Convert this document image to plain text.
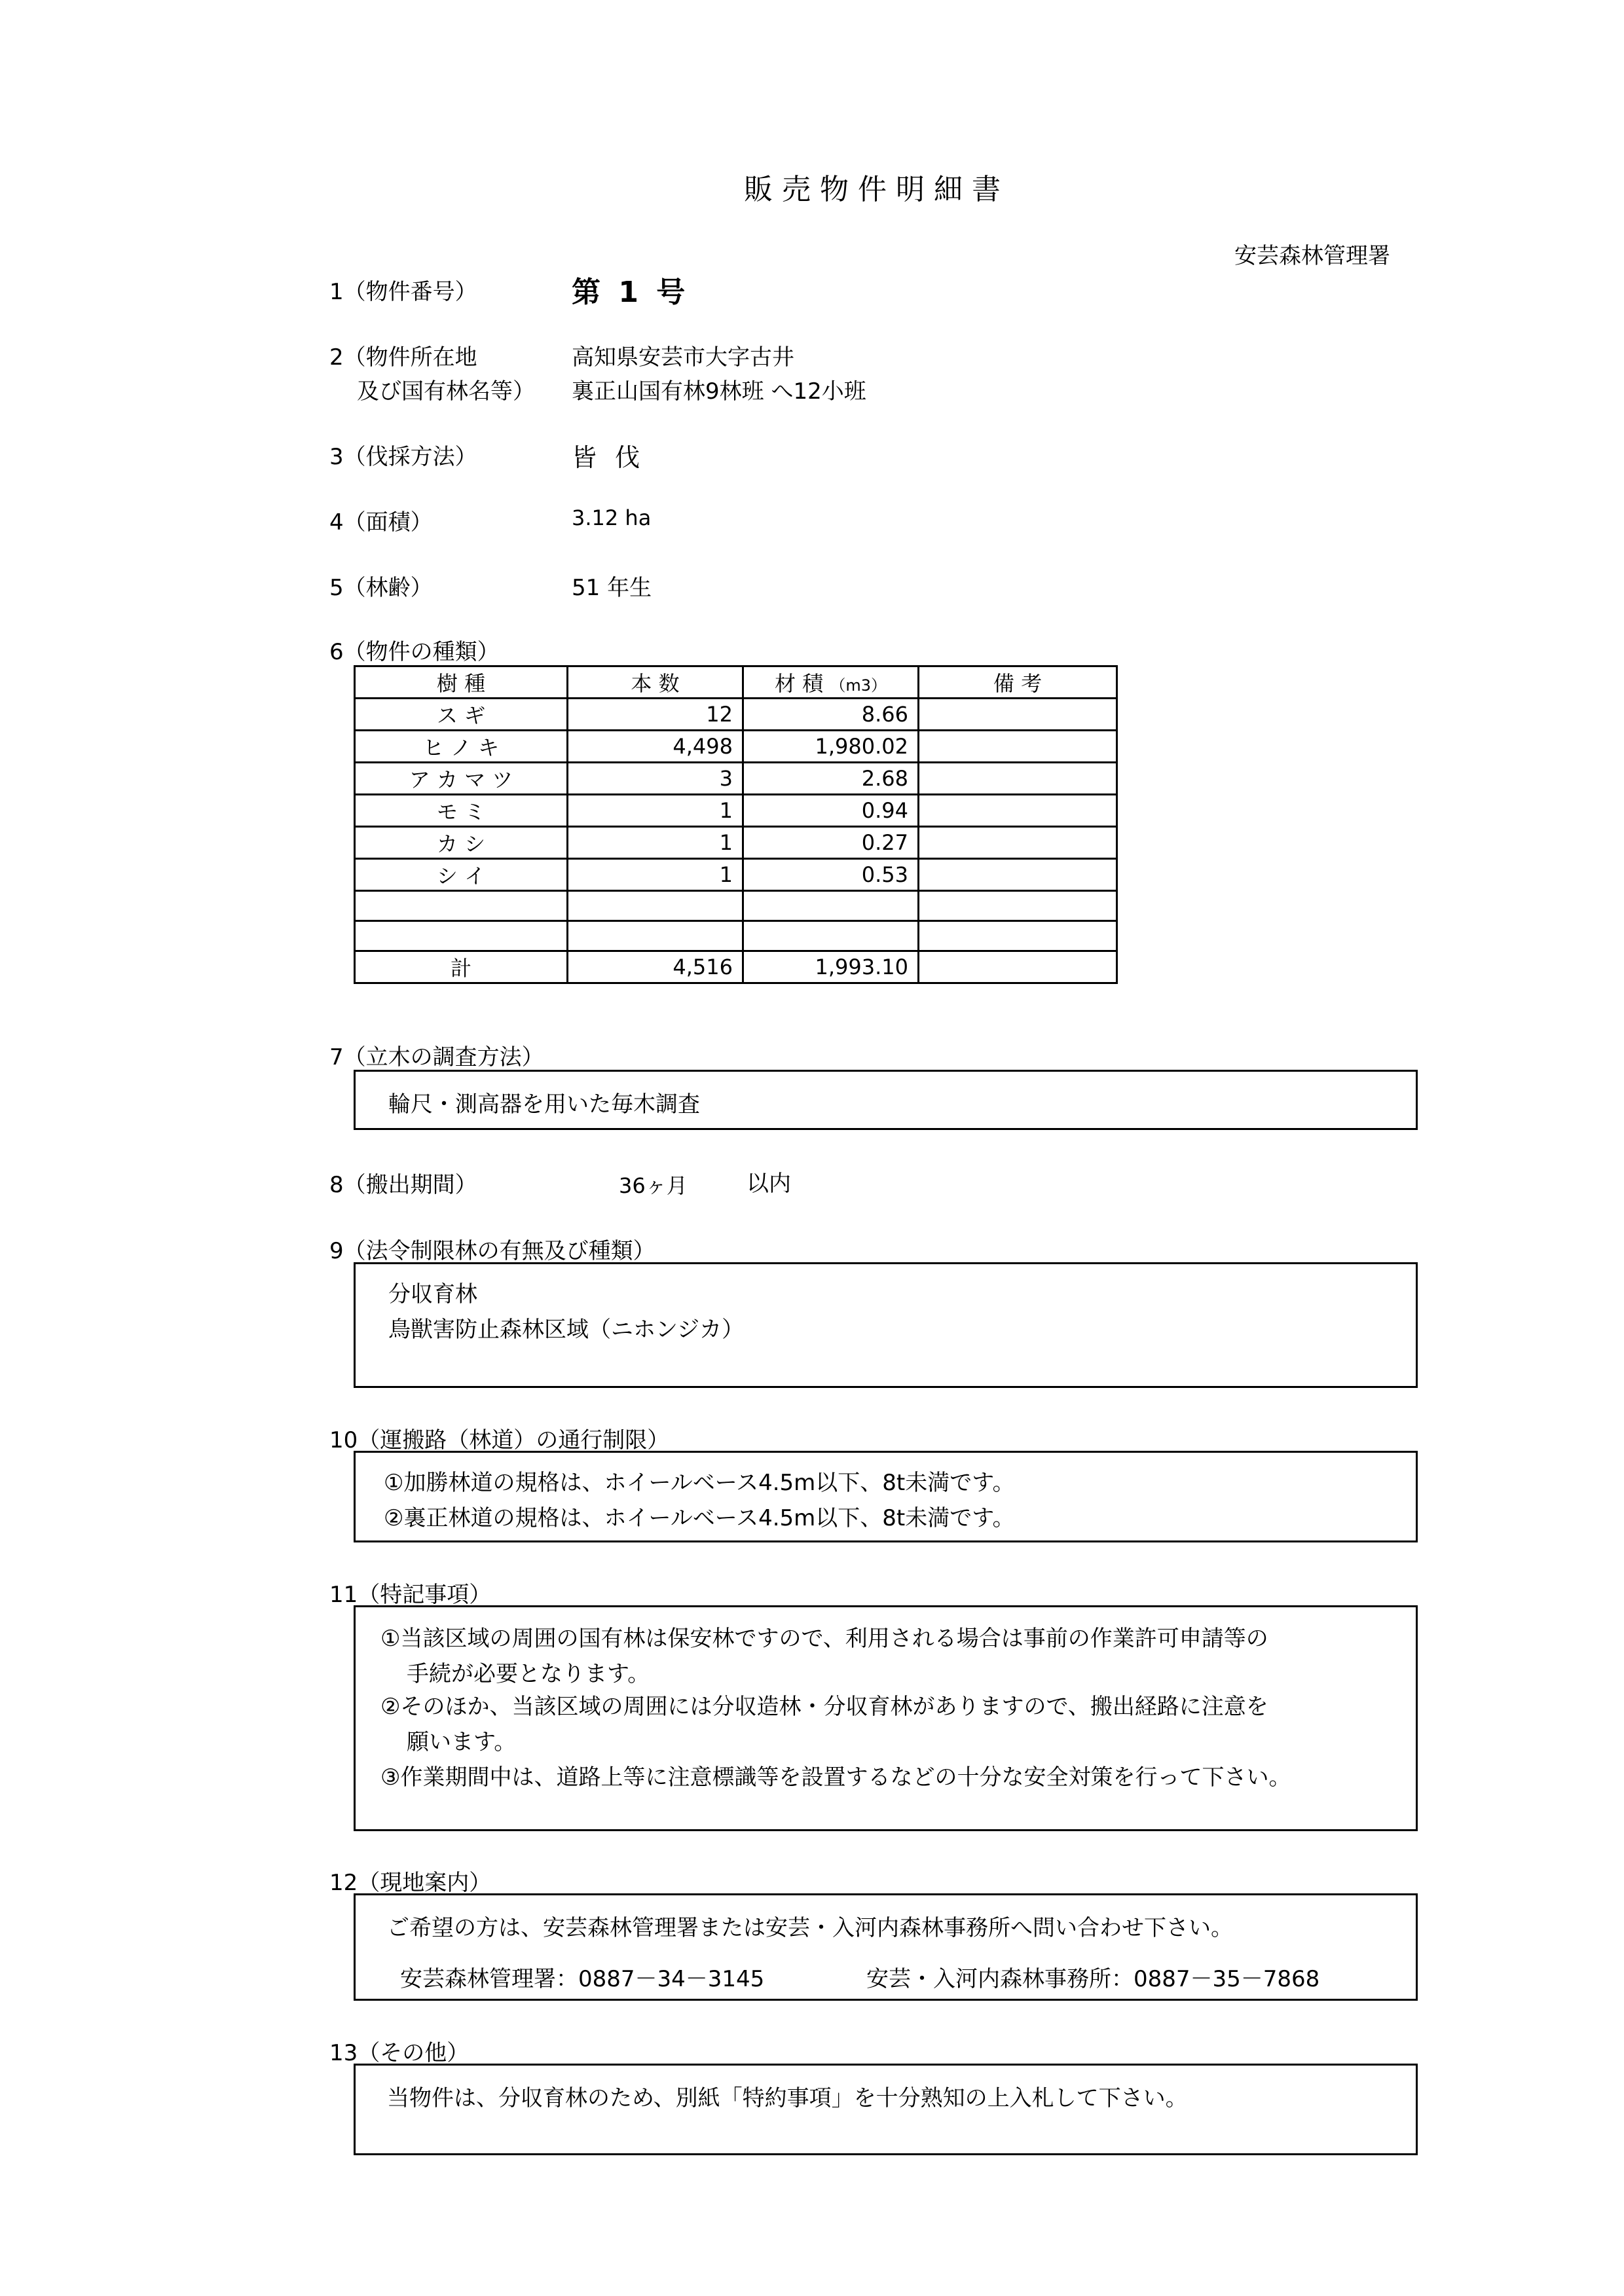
販売物件明細書
安芸森林管理署
1（物件番号）	第 1 号
2（物件所在地
及び国有林名等）
高知県安芸市大字古井
裏正山国有林9林班 へ12小班
3（伐採方法）	皆 伐
4（面積）	3.12 ha
5（林齢）	51 年生
6（物件の種類）
樹 種	本 数	材 積 （m3）	備 考
ス ギ	12	8.66	
ヒ ノ キ	4,498	1,980.02	
ア カ マ ツ	3	2.68	
モ ミ	1	0.94	
カ シ	1	0.27	
シ イ	1	0.53	

計	4,516	1,993.10	
7（立木の調査方法）
輪尺・測高器を用いた毎木調査
8（搬出期間）	36ヶ月	以内
9（法令制限林の有無及び種類）
分収育林
鳥獣害防止森林区域（ニホンジカ）
10（運搬路（林道）の通行制限）
①加勝林道の規格は、ホイールベース4.5m以下、8t未満です。
②裏正林道の規格は、ホイールベース4.5m以下、8t未満です。
11（特記事項）
①当該区域の周囲の国有林は保安林ですので、利用される場合は事前の作業許可申請等の
手続が必要となります。
②そのほか、当該区域の周囲には分収造林・分収育林がありますので、搬出経路に注意を
願います。
③作業期間中は、道路上等に注意標識等を設置するなどの十分な安全対策を行って下さい。
12（現地案内）
ご希望の方は、安芸森林管理署または安芸・入河内森林事務所へ問い合わせ下さい。
安芸森林管理署：0887－34－3145	安芸・入河内森林事務所：0887－35－7868
13（その他）
当物件は、分収育林のため、別紙「特約事項」を十分熟知の上入札して下さい。
